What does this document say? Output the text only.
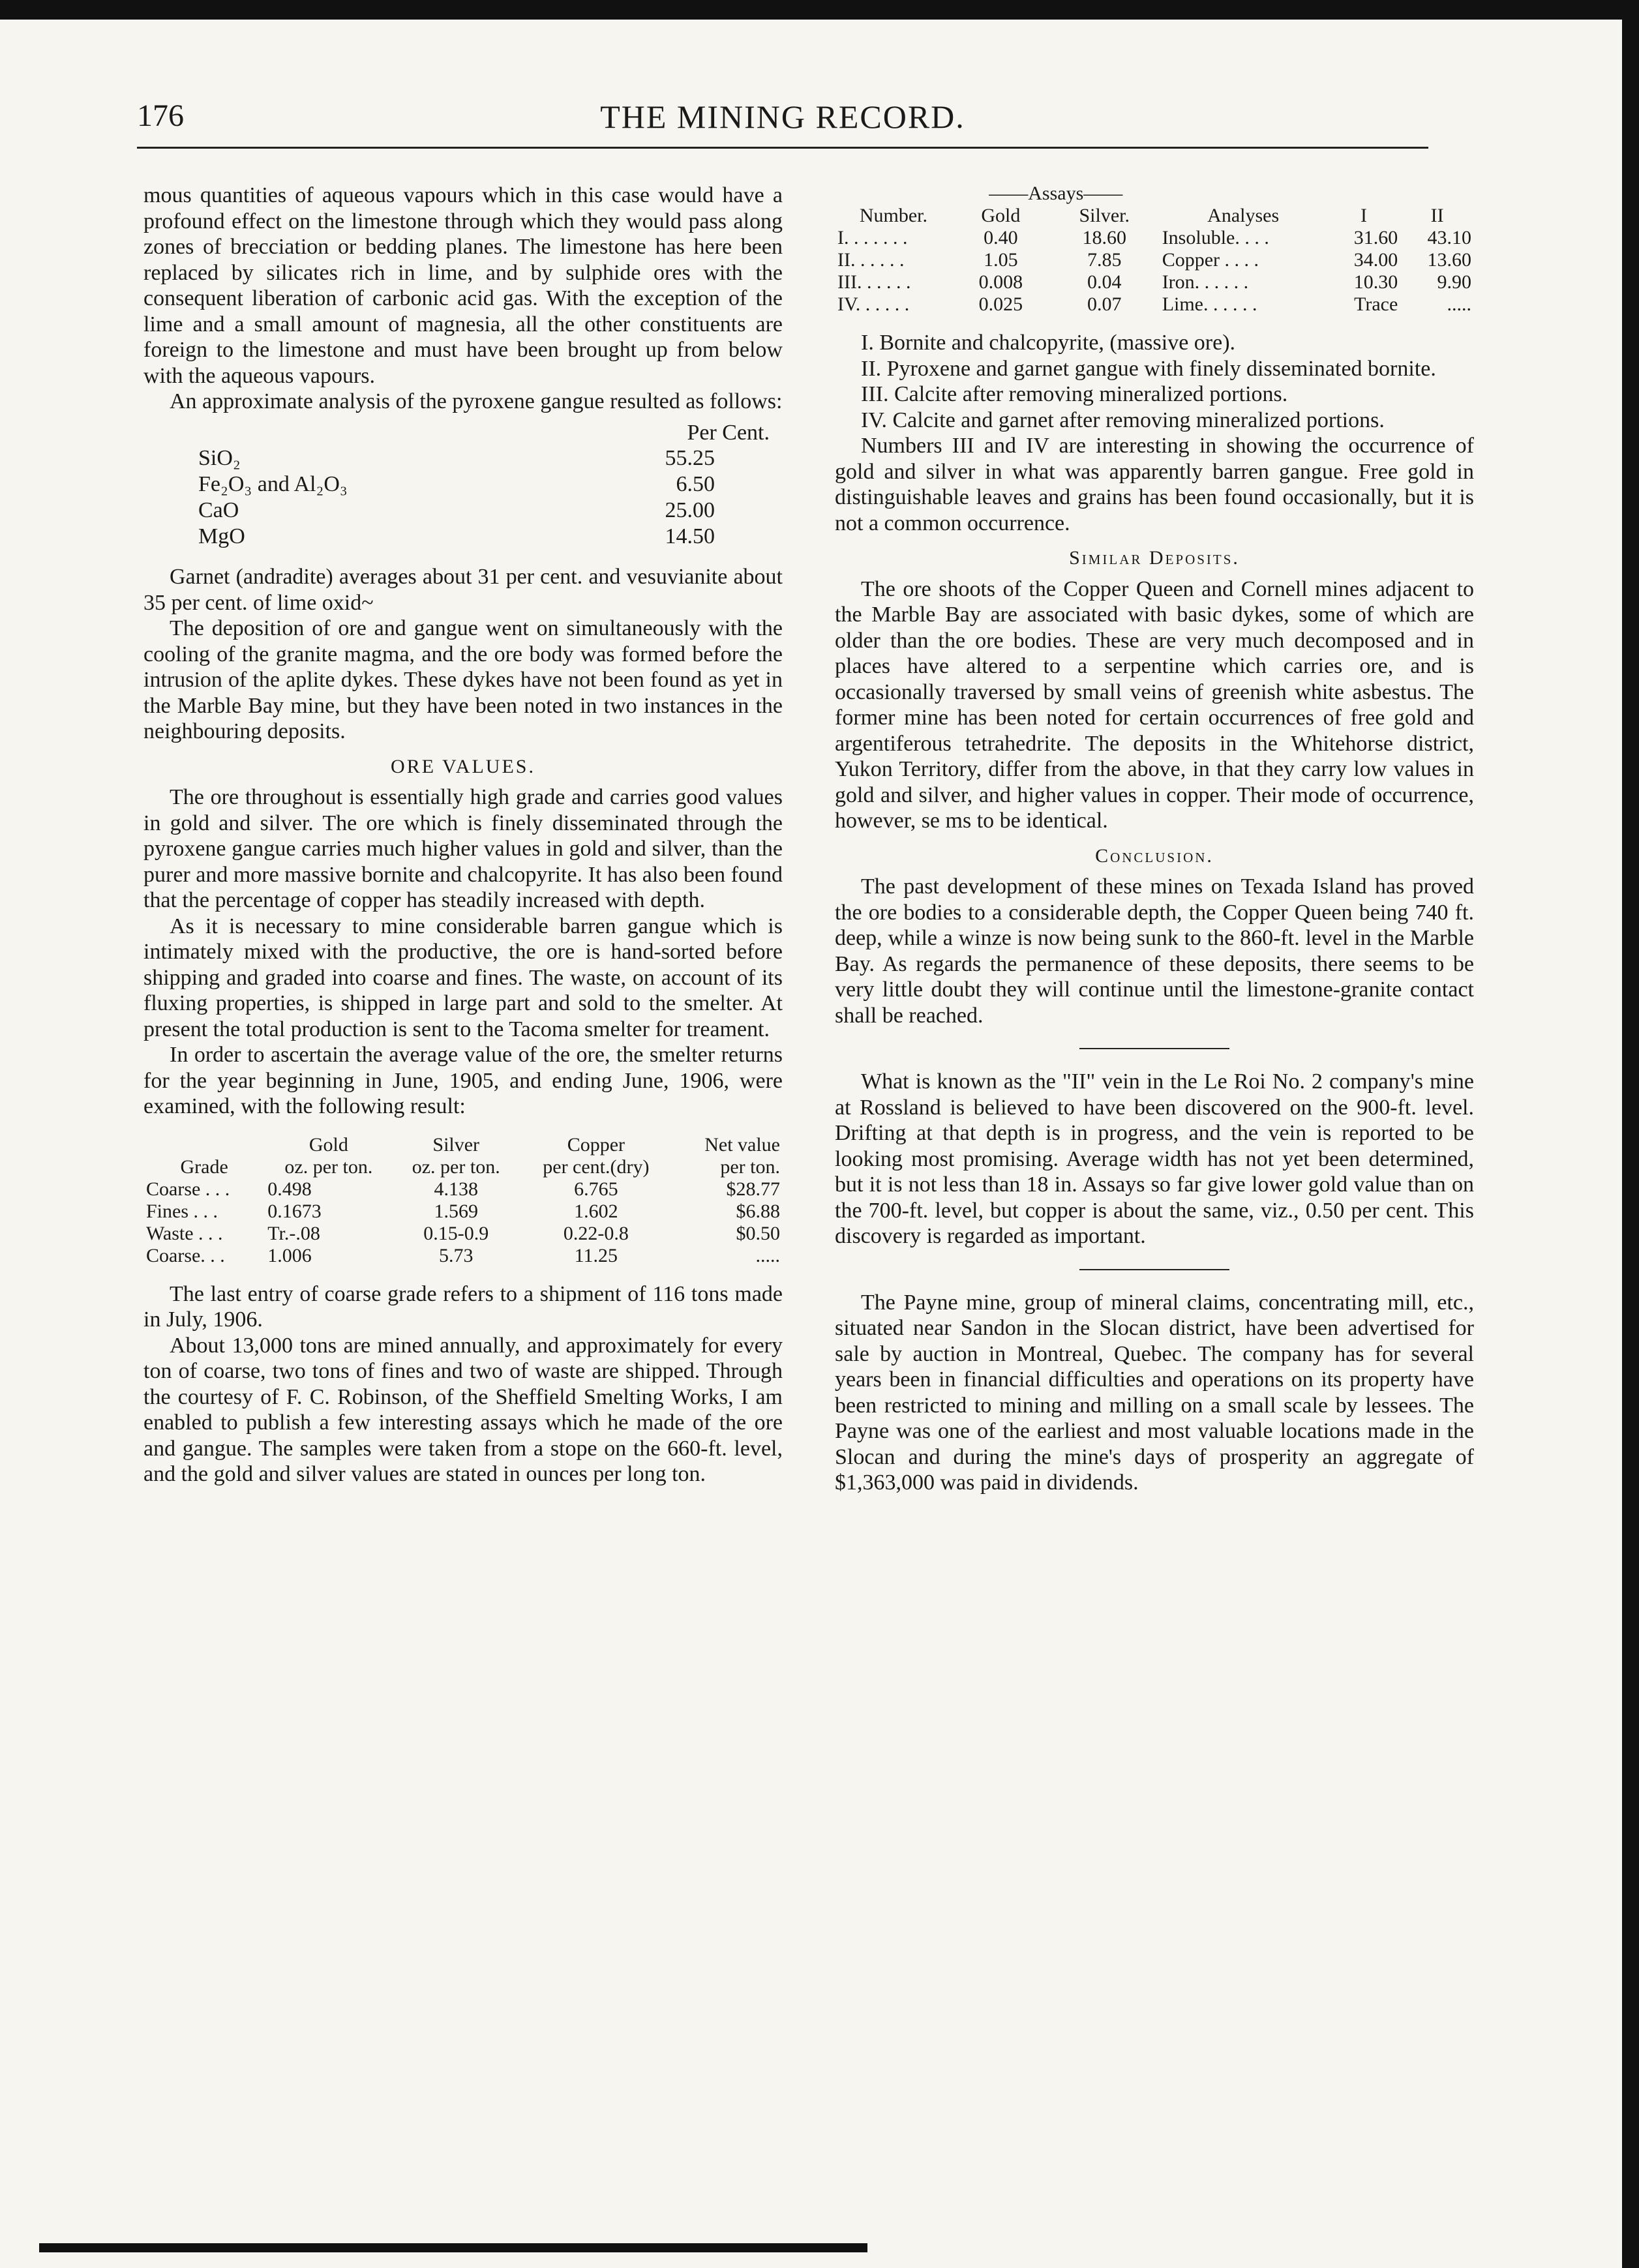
176	THE MINING RECORD.

mous quantities of aqueous vapours which in this case would have a profound effect on the limestone through which they would pass along zones of brecciation or bedding planes. The limestone has here been replaced by silicates rich in lime, and by sulphide ores with the consequent liberation of carbonic acid gas. With the exception of the lime and a small amount of magnesia, all the other constituents are foreign to the limestone and must have been brought up from below with the aqueous vapours.

An approximate analysis of the pyroxene gangue resulted as follows:

Per Cent.
SiO₂	55.25
Fe₂O₃ and Al₂O₃	6.50
CaO	25.00
MgO	14.50

Garnet (andradite) averages about 31 per cent. and vesuvianite about 35 per cent. of lime oxid~

The deposition of ore and gangue went on simultaneously with the cooling of the granite magma, and the ore body was formed before the intrusion of the aplite dykes. These dykes have not been found as yet in the Marble Bay mine, but they have been noted in two instances in the neighbouring deposits.

ORE VALUES.

The ore throughout is essentially high grade and carries good values in gold and silver. The ore which is finely disseminated through the pyroxene gangue carries much higher values in gold and silver, than the purer and more massive bornite and chalcopyrite. It has also been found that the percentage of copper has steadily increased with depth.

As it is necessary to mine considerable barren gangue which is intimately mixed with the productive, the ore is hand-sorted before shipping and graded into coarse and fines. The waste, on account of its fluxing properties, is shipped in large part and sold to the smelter. At present the total production is sent to the Tacoma smelter for treament.

In order to ascertain the average value of the ore, the smelter returns for the year beginning in June, 1905, and ending June, 1906, were examined, with the following result:

	Gold	Silver	Copper	Net value
Grade	oz. per ton.	oz. per ton.	per cent.(dry)	per ton.
Coarse . . .	0.498	4.138	6.765	$28.77
Fines . . .	0.1673	1.569	1.602	$6.88
Waste . . .	Tr.-.08	0.15-0.9	0.22-0.8	$0.50
Coarse. . .	1.006	5.73	11.25	.....

The last entry of coarse grade refers to a shipment of 116 tons made in July, 1906.

About 13,000 tons are mined annually, and approximately for every ton of coarse, two tons of fines and two of waste are shipped. Through the courtesy of F. C. Robinson, of the Sheffield Smelting Works, I am enabled to publish a few interesting assays which he made of the ore and gangue. The samples were taken from a stope on the 660-ft. level, and the gold and silver values are stated in ounces per long ton.

	——Assays——				
Number.	Gold	Silver.	Analyses	I	II
I. . . . . . .	0.40	18.60	Insoluble. . . .	31.60	43.10
II. . . . . .	1.05	7.85	Copper . . . .	34.00	13.60
III. . . . . .	0.008	0.04	Iron. . . . . .	10.30	9.90
IV. . . . . .	0.025	0.07	Lime. . . . . .	Trace	.....

I. Bornite and chalcopyrite, (massive ore).

II. Pyroxene and garnet gangue with finely disseminated bornite.

III. Calcite after removing mineralized portions.

IV. Calcite and garnet after removing mineralized portions.

Numbers III and IV are interesting in showing the occurrence of gold and silver in what was apparently barren gangue. Free gold in distinguishable leaves and grains has been found occasionally, but it is not a common occurrence.

Similar Deposits.

The ore shoots of the Copper Queen and Cornell mines adjacent to the Marble Bay are associated with basic dykes, some of which are older than the ore bodies. These are very much decomposed and in places have altered to a serpentine which carries ore, and is occasionally traversed by small veins of greenish white asbestus. The former mine has been noted for certain occurrences of free gold and argentiferous tetrahedrite. The deposits in the Whitehorse district, Yukon Territory, differ from the above, in that they carry low values in gold and silver, and higher values in copper. Their mode of occurrence, however, se ms to be identical.

Conclusion.

The past development of these mines on Texada Island has proved the ore bodies to a considerable depth, the Copper Queen being 740 ft. deep, while a winze is now being sunk to the 860-ft. level in the Marble Bay. As regards the permanence of these deposits, there seems to be very little doubt they will continue until the limestone-granite contact shall be reached.

What is known as the "II" vein in the Le Roi No. 2 company's mine at Rossland is believed to have been discovered on the 900-ft. level. Drifting at that depth is in progress, and the vein is reported to be looking most promising. Average width has not yet been determined, but it is not less than 18 in. Assays so far give lower gold value than on the 700-ft. level, but copper is about the same, viz., 0.50 per cent. This discovery is regarded as important.

The Payne mine, group of mineral claims, concentrating mill, etc., situated near Sandon in the Slocan district, have been advertised for sale by auction in Montreal, Quebec. The company has for several years been in financial difficulties and operations on its property have been restricted to mining and milling on a small scale by lessees. The Payne was one of the earliest and most valuable locations made in the Slocan and during the mine's days of prosperity an aggregate of $1,363,000 was paid in dividends.
